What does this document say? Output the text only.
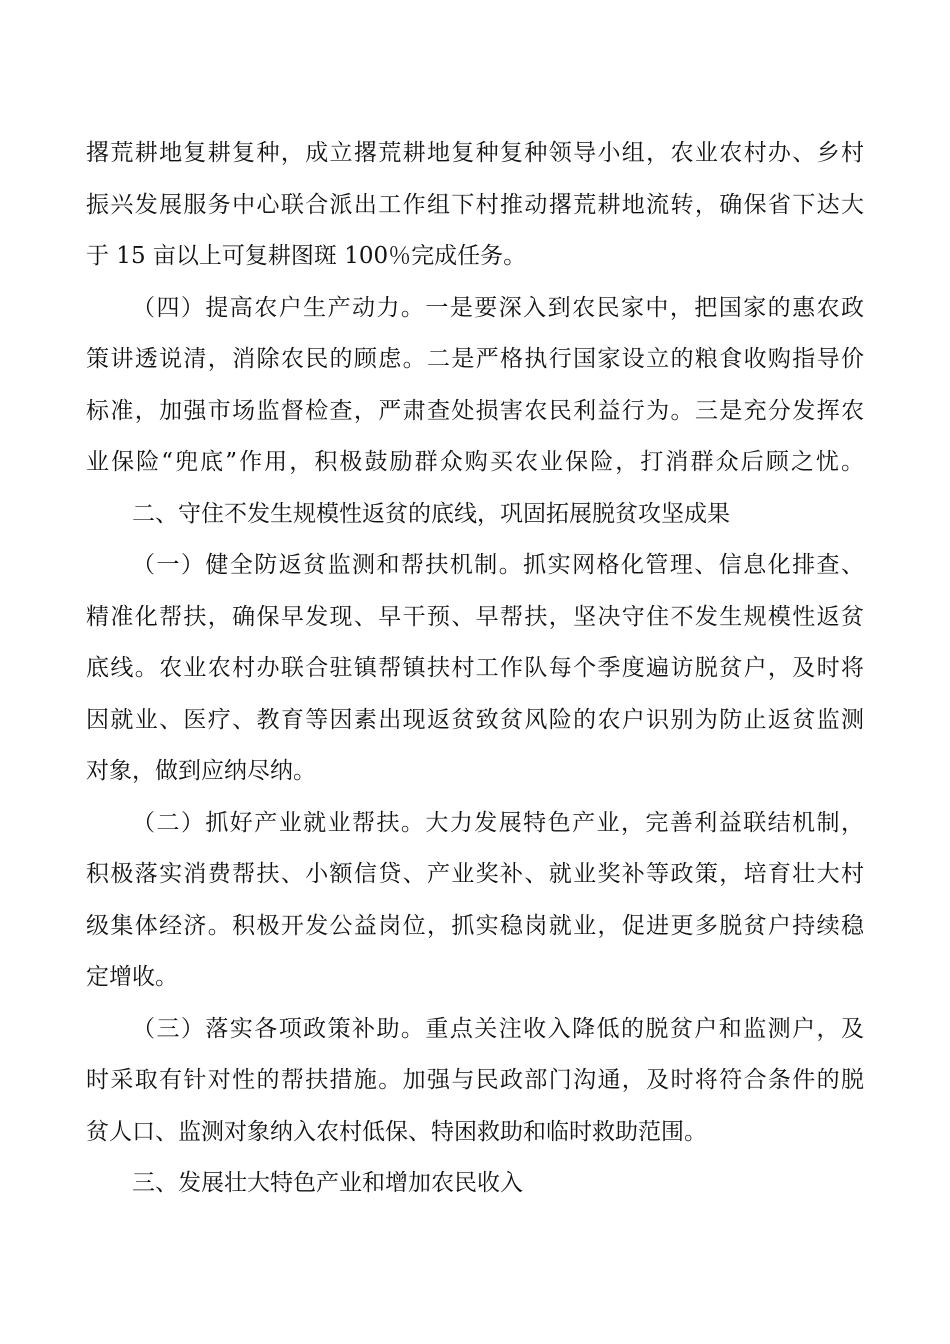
撂荒耕地复耕复种，成立撂荒耕地复种复种领导小组，农业农村办、乡村
振兴发展服务中心联合派出工作组下村推动撂荒耕地流转，确保省下达大
于 15 亩以上可复耕图斑 100％完成任务。
（四）提高农户生产动力。一是要深入到农民家中，把国家的惠农政
策讲透说清，消除农民的顾虑。二是严格执行国家设立的粮食收购指导价
标准，加强市场监督检查，严肃查处损害农民利益行为。三是充分发挥农
业保险“兜底”作用，积极鼓励群众购买农业保险，打消群众后顾之忧。
二、守住不发生规模性返贫的底线，巩固拓展脱贫攻坚成果
（一）健全防返贫监测和帮扶机制。抓实网格化管理、信息化排查、
精准化帮扶，确保早发现、早干预、早帮扶，坚决守住不发生规模性返贫
底线。农业农村办联合驻镇帮镇扶村工作队每个季度遍访脱贫户，及时将
因就业、医疗、教育等因素出现返贫致贫风险的农户识别为防止返贫监测
对象，做到应纳尽纳。
（二）抓好产业就业帮扶。大力发展特色产业，完善利益联结机制，
积极落实消费帮扶、小额信贷、产业奖补、就业奖补等政策，培育壮大村
级集体经济。积极开发公益岗位，抓实稳岗就业，促进更多脱贫户持续稳
定增收。
（三）落实各项政策补助。重点关注收入降低的脱贫户和监测户，及
时采取有针对性的帮扶措施。加强与民政部门沟通，及时将符合条件的脱
贫人口、监测对象纳入农村低保、特困救助和临时救助范围。
三、发展壮大特色产业和增加农民收入
